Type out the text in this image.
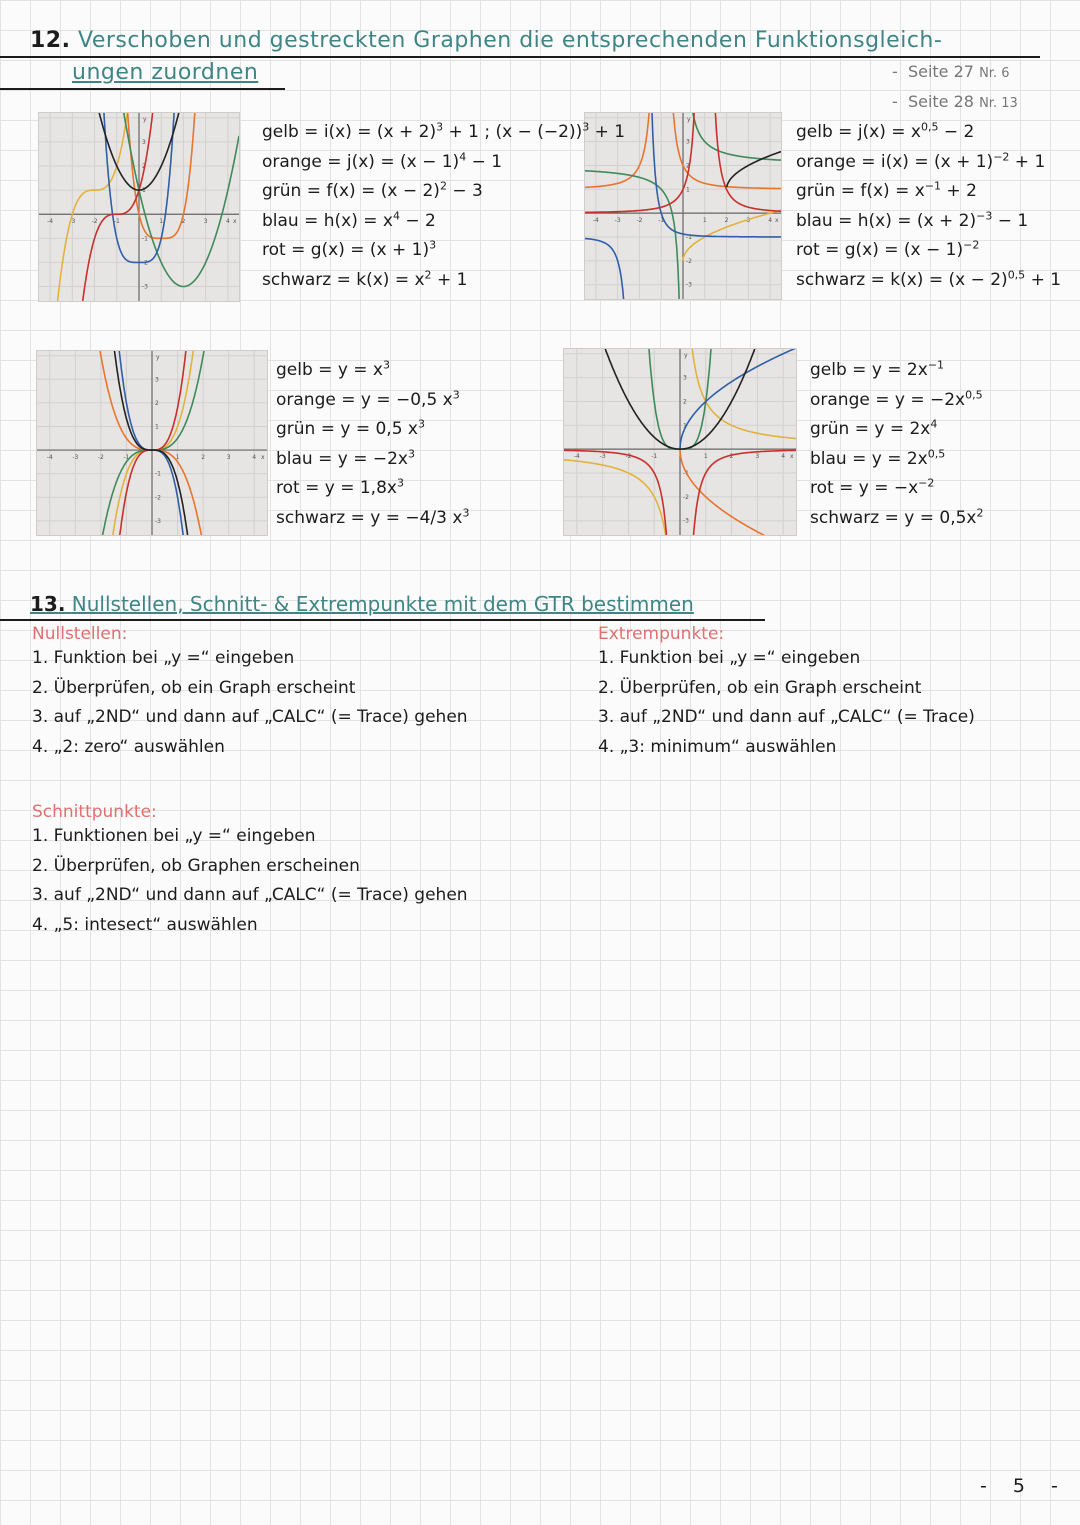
12. Verschoben und gestreckten Graphen die entsprechenden Funktionsgleich-
ungen zuordnen	- Seite 27 Nr. 6
- Seite 28 Nr. 13
-4	-3	-2	-1	1	2	3	4
3
2
1
-1
-2
-3
x
y
-4	-3	-2	-1	1	2	3	4
3
2
1
-1
-2
-3
x
y
-4	-3	-2	-1	1	2	3	4
3
2
1
-1
-2
-3
x
y
-4	-3	-2	-1	1	2	3	4
3
2
1
-1
-2
-3
x
y
gelb = $i(x) = (x + 2)^3 + 1$ ; $(x - (-2))^3 + 1$
orange = $j(x) = (x - 1)^4 - 1$
grün = $f(x) = (x - 2)^2 - 3$
blau = $h(x) = x^4 - 2$
rot = $g(x) = (x + 1)^3$
schwarz = $k(x) = x^2 + 1$
gelb = $j(x) = x^{0,5} - 2$
orange = $i(x) = (x + 1)^{-2} + 1$
grün = $f(x) = x^{-1} + 2$
blau = $h(x) = (x + 2)^{-3} - 1$
rot = $g(x) = (x - 1)^{-2}$
schwarz = $k(x) = (x - 2)^{0,5} + 1$
gelb = $y = x^3$
orange = y = −0,5 $x^3$
grün = y = 0,5 $x^3$
blau = $y = -2x^3$
rot = $y = 1,8x^3$
schwarz = y = −4/3 $x^3$
gelb = $y = 2x^{-1}$
orange = $y = -2x^{0,5}$
grün = $y = 2x^4$
blau = $y = 2x^{0,5}$
rot = $y = -x^{-2}$
schwarz = $y = 0,5x^2$
13. Nullstellen, Schnitt- & Extrempunkte mit dem GTR bestimmen
Nullstellen:
1. Funktion bei „y =“ eingeben
2. Überprüfen, ob ein Graph erscheint
3. auf „2ND“ und dann auf „CALC“ (= Trace) gehen
4. „2: zero“ auswählen
Extrempunkte:
1. Funktion bei „y =“ eingeben
2. Überprüfen, ob ein Graph erscheint
3. auf „2ND“ und dann auf „CALC“ (= Trace)
4. „3: minimum“ auswählen
Schnittpunkte:
1. Funktionen bei „y =“ eingeben
2. Überprüfen, ob Graphen erscheinen
3. auf „2ND“ und dann auf „CALC“ (= Trace) gehen
4. „5: intesect“ auswählen
- 5 -
